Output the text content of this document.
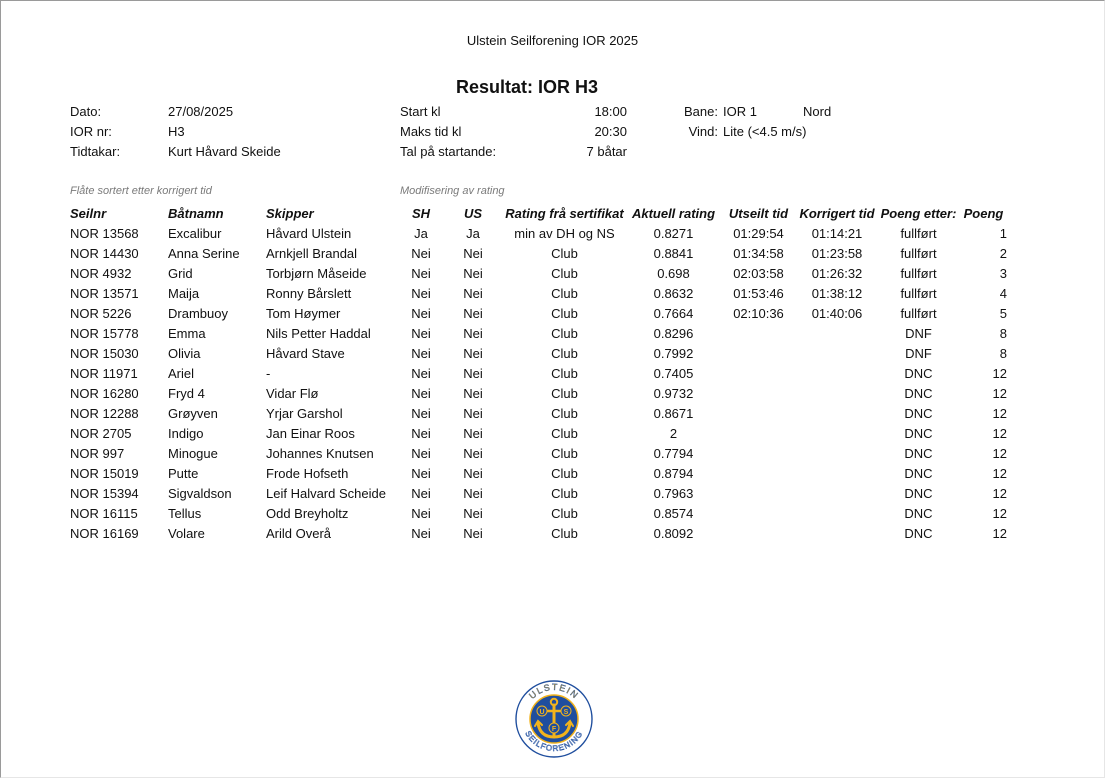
Ulstein Seilforening IOR 2025
Resultat: IOR H3
Dato:	27/08/2025
IOR nr:	H3
Tidtakar:	Kurt Håvard Skeide
Start kl	18:00
Maks tid kl	20:30
Tal på startande:	7 båtar
Bane: IOR 1	Nord
Vind: Lite (<4.5 m/s)
Flåte sortert etter korrigert tid	Modifisering av rating
Seilnr	Båtnamn	Skipper	SH	US	Rating frå sertifikat	Aktuell rating	Utseilt tid	Korrigert tid	Poeng etter:	Poeng
NOR 13568	Excalibur	Håvard Ulstein	Ja	Ja	min av DH og NS	0.8271	01:29:54	01:14:21	fullført	1
NOR 14430	Anna Serine	Arnkjell Brandal	Nei	Nei	Club	0.8841	01:34:58	01:23:58	fullført	2
NOR 4932	Grid	Torbjørn Måseide	Nei	Nei	Club	0.698	02:03:58	01:26:32	fullført	3
NOR 13571	Maija	Ronny Bårslett	Nei	Nei	Club	0.8632	01:53:46	01:38:12	fullført	4
NOR 5226	Drambuoy	Tom Høymer	Nei	Nei	Club	0.7664	02:10:36	01:40:06	fullført	5
NOR 15778	Emma	Nils Petter Haddal	Nei	Nei	Club	0.8296			DNF	8
NOR 15030	Olivia	Håvard Stave	Nei	Nei	Club	0.7992			DNF	8
NOR 11971	Ariel	-	Nei	Nei	Club	0.7405			DNC	12
NOR 16280	Fryd 4	Vidar Flø	Nei	Nei	Club	0.9732			DNC	12
NOR 12288	Grøyven	Yrjar Garshol	Nei	Nei	Club	0.8671			DNC	12
NOR 2705	Indigo	Jan Einar Roos	Nei	Nei	Club	2			DNC	12
NOR 997	Minogue	Johannes Knutsen	Nei	Nei	Club	0.7794			DNC	12
NOR 15019	Putte	Frode Hofseth	Nei	Nei	Club	0.8794			DNC	12
NOR 15394	Sigvaldson	Leif Halvard Scheide	Nei	Nei	Club	0.7963			DNC	12
NOR 16115	Tellus	Odd Breyholtz	Nei	Nei	Club	0.8574			DNC	12
NOR 16169	Volare	Arild Overå	Nei	Nei	Club	0.8092			DNC	12
U	S
F
ULSTEIN
SEILFORENING
